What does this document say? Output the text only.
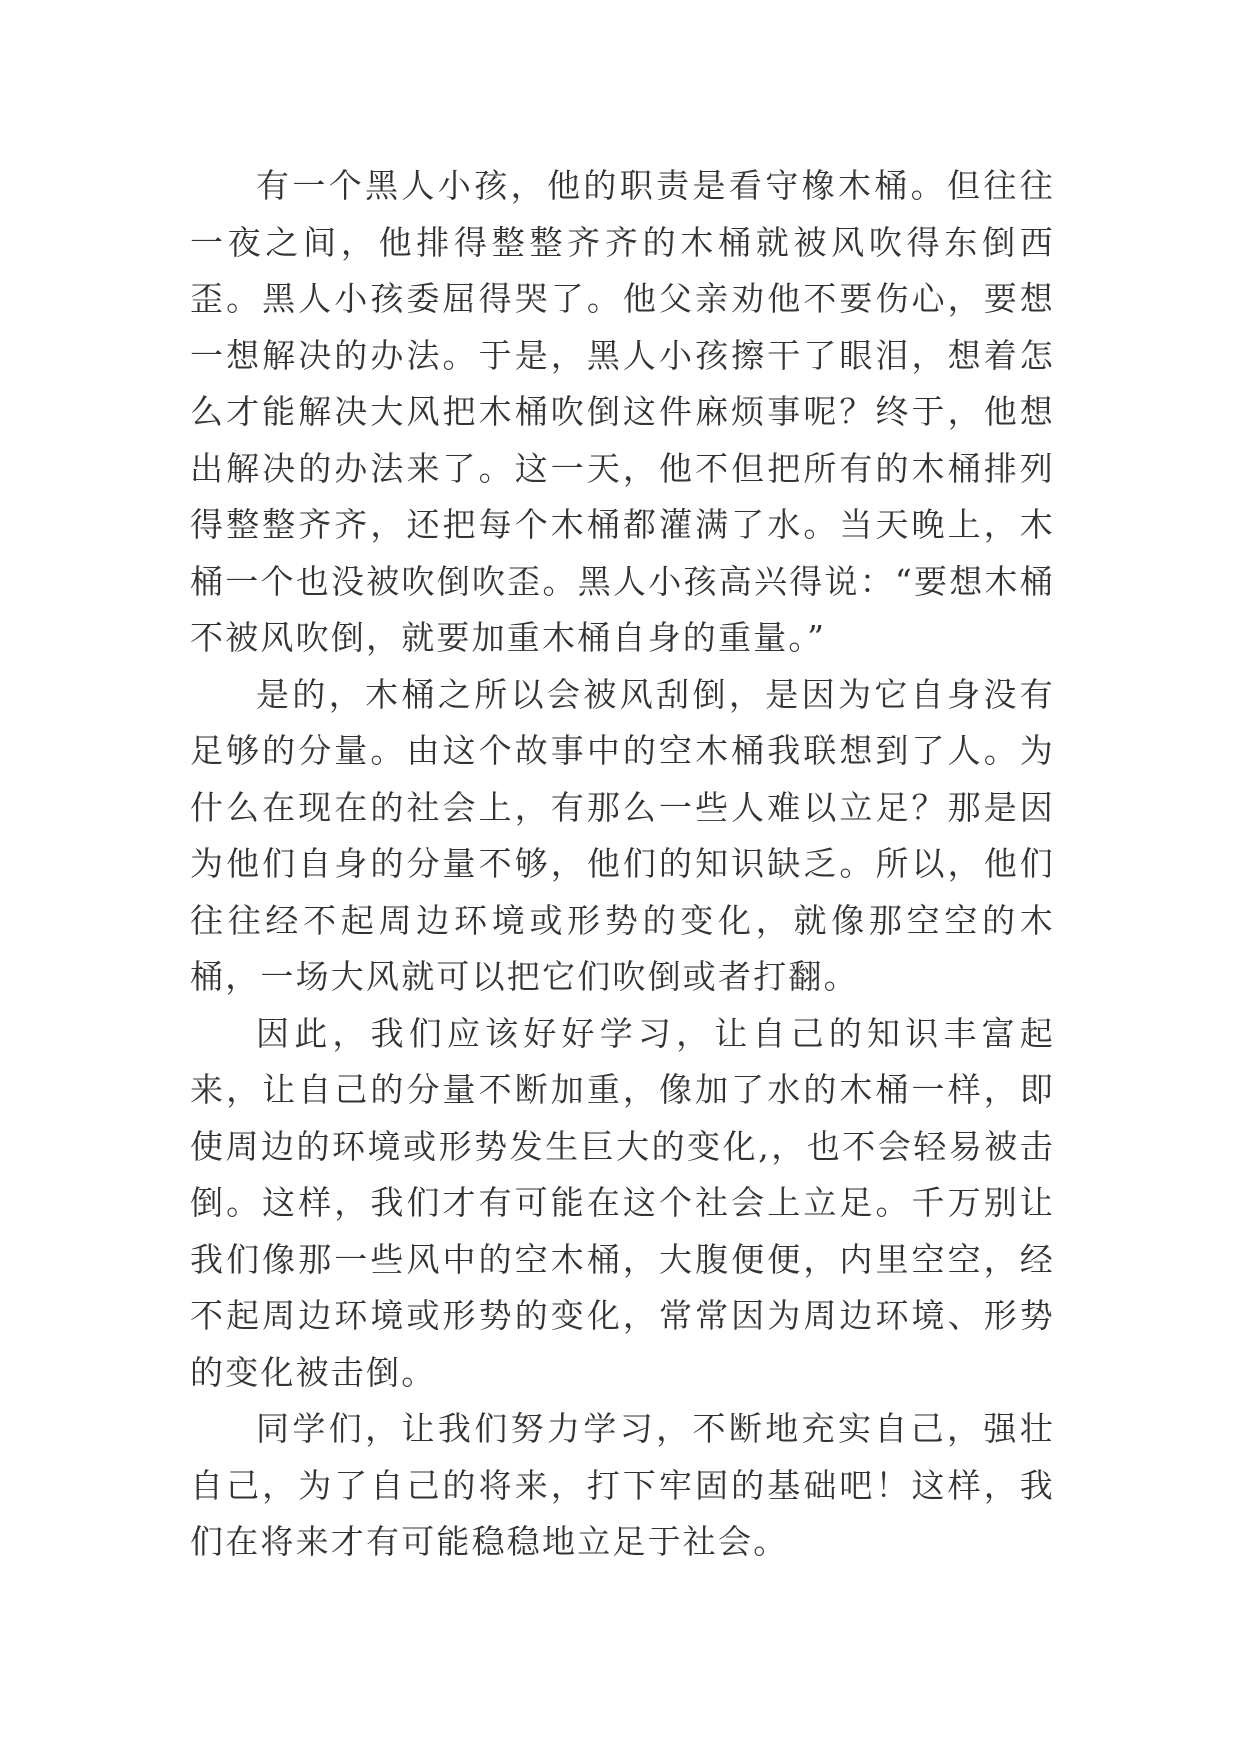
有一个黑人小孩，他的职责是看守橡木桶。但往往一夜之间，他排得整整齐齐的木桶就被风吹得东倒西歪。黑人小孩委屈得哭了。他父亲劝他不要伤心，要想一想解决的办法。于是，黑人小孩擦干了眼泪，想着怎么才能解决大风把木桶吹倒这件麻烦事呢？终于，他想出解决的办法来了。这一天，他不但把所有的木桶排列得整整齐齐，还把每个木桶都灌满了水。当天晚上，木桶一个也没被吹倒吹歪。黑人小孩高兴得说：“要想木桶不被风吹倒，就要加重木桶自身的重量。”

是的，木桶之所以会被风刮倒，是因为它自身没有足够的分量。由这个故事中的空木桶我联想到了人。为什么在现在的社会上，有那么一些人难以立足？那是因为他们自身的分量不够，他们的知识缺乏。所以，他们往往经不起周边环境或形势的变化，就像那空空的木桶，一场大风就可以把它们吹倒或者打翻。

因此，我们应该好好学习，让自己的知识丰富起来，让自己的分量不断加重，像加了水的木桶一样，即使周边的环境或形势发生巨大的变化,，也不会轻易被击倒。这样，我们才有可能在这个社会上立足。千万别让我们像那一些风中的空木桶，大腹便便，内里空空，经不起周边环境或形势的变化，常常因为周边环境、形势的变化被击倒。

同学们，让我们努力学习，不断地充实自己，强壮自己，为了自己的将来，打下牢固的基础吧！这样，我们在将来才有可能稳稳地立足于社会。
